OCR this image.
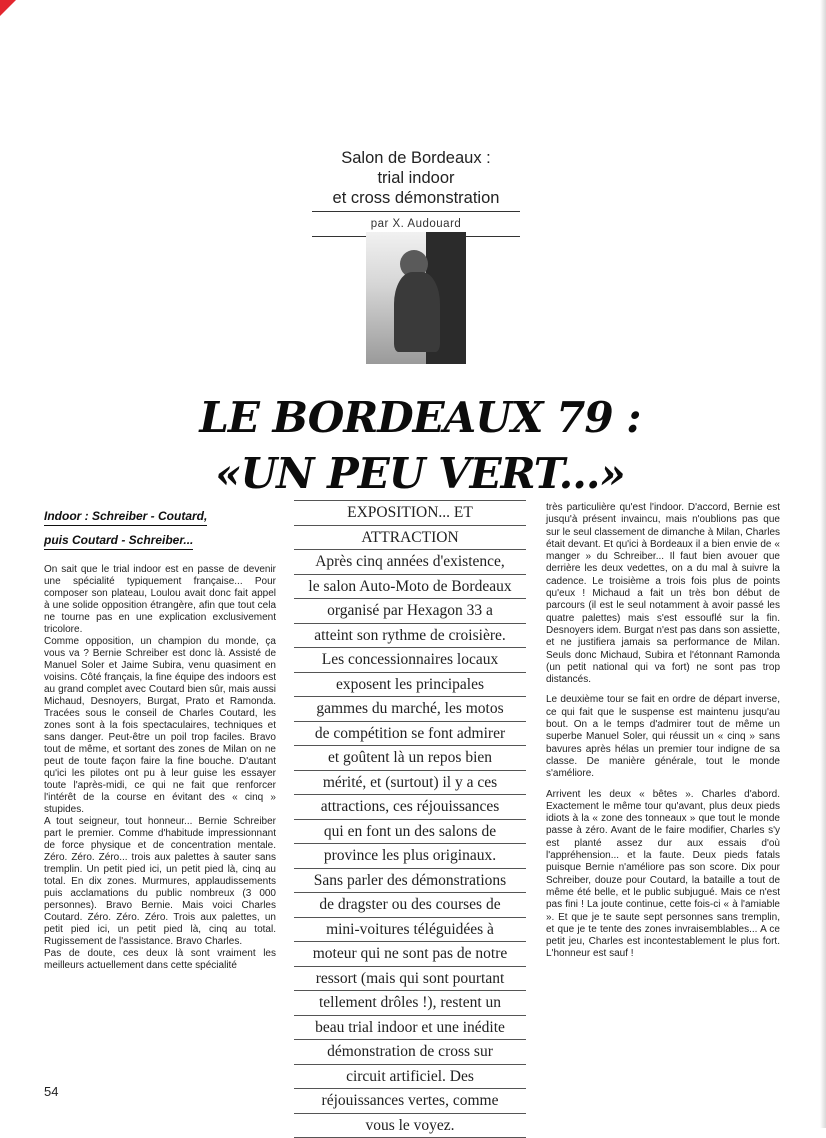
Salon de Bordeaux :
trial indoor
et cross démonstration
par X. Audouard
LE BORDEAUX 79 :
«UN PEU VERT...»
Indoor : Schreiber - Coutard,
puis Coutard - Schreiber...

On sait que le trial indoor est en passe de devenir une spécialité typiquement française... Pour composer son plateau, Loulou avait donc fait appel à une solide opposition étrangère, afin que tout cela ne tourne pas en une explication exclusivement tricolore.

Comme opposition, un champion du monde, ça vous va ? Bernie Schreiber est donc là. Assisté de Manuel Soler et Jaime Subira, venu quasiment en voisins. Côté français, la fine équipe des indoors est au grand complet avec Coutard bien sûr, mais aussi Michaud, Desnoyers, Burgat, Prato et Ramonda. Tracées sous le conseil de Charles Coutard, les zones sont à la fois spectaculaires, techniques et sans danger. Peut-être un poil trop faciles. Bravo tout de même, et sortant des zones de Milan on ne peut de toute façon faire la fine bouche. D'autant qu'ici les pilotes ont pu à leur guise les essayer toute l'après-midi, ce qui ne fait que renforcer l'intérêt de la course en évitant des « cinq » stupides.

A tout seigneur, tout honneur... Bernie Schreiber part le premier. Comme d'habitude impressionnant de force physique et de concentration mentale. Zéro. Zéro. Zéro... trois aux palettes à sauter sans tremplin. Un petit pied ici, un petit pied là, cinq au total. En dix zones. Murmures, applaudissements puis acclamations du public nombreux (3 000 personnes). Bravo Bernie. Mais voici Charles Coutard. Zéro. Zéro. Zéro. Trois aux palettes, un petit pied ici, un petit pied là, cinq au total. Rugissement de l'assistance. Bravo Charles.

Pas de doute, ces deux là sont vraiment les meilleurs actuellement dans cette spécialité

EXPOSITION... ET
ATTRACTION
Après cinq années d'existence,
le salon Auto-Moto de Bordeaux
organisé par Hexagon 33 a
atteint son rythme de croisière.
Les concessionnaires locaux
exposent les principales
gammes du marché, les motos
de compétition se font admirer
et goûtent là un repos bien
mérité, et (surtout) il y a ces
attractions, ces réjouissances
qui en font un des salons de
province les plus originaux.
Sans parler des démonstrations
de dragster ou des courses de
mini-voitures téléguidées à
moteur qui ne sont pas de notre
ressort (mais qui sont pourtant
tellement drôles !), restent un
beau trial indoor et une inédite
démonstration de cross sur
circuit artificiel. Des
réjouissances vertes, comme
vous le voyez.

très particulière qu'est l'indoor. D'accord, Bernie est jusqu'à présent invaincu, mais n'oublions pas que sur le seul classement de dimanche à Milan, Charles était devant. Et qu'ici à Bordeaux il a bien envie de « manger » du Schreiber... Il faut bien avouer que derrière les deux vedettes, on a du mal à suivre la cadence. Le troisième a trois fois plus de points qu'eux ! Michaud a fait un très bon début de parcours (il est le seul notamment à avoir passé les quatre palettes) mais s'est essouflé sur la fin. Desnoyers idem. Burgat n'est pas dans son assiette, et ne justifiera jamais sa performance de Milan. Seuls donc Michaud, Subira et l'étonnant Ramonda (un petit national qui va fort) ne sont pas trop distancés.

Le deuxième tour se fait en ordre de départ inverse, ce qui fait que le suspense est maintenu jusqu'au bout. On a le temps d'admirer tout de même un superbe Manuel Soler, qui réussit un « cinq » sans bavures après hélas un premier tour indigne de sa classe. De manière générale, tout le monde s'améliore.

Arrivent les deux « bêtes ». Charles d'abord. Exactement le même tour qu'avant, plus deux pieds idiots à la « zone des tonneaux » que tout le monde passe à zéro. Avant de le faire modifier, Charles s'y est planté assez dur aux essais d'où l'appréhension... et la faute. Deux pieds fatals puisque Bernie n'améliore pas son score. Dix pour Schreiber, douze pour Coutard, la bataille a tout de même été belle, et le public subjugué. Mais ce n'est pas fini ! La joute continue, cette fois-ci « à l'amiable ». Et que je te saute sept personnes sans tremplin, et que je te tente des zones invraisemblables... A ce petit jeu, Charles est incontestablement le plus fort. L'honneur est sauf !

54
